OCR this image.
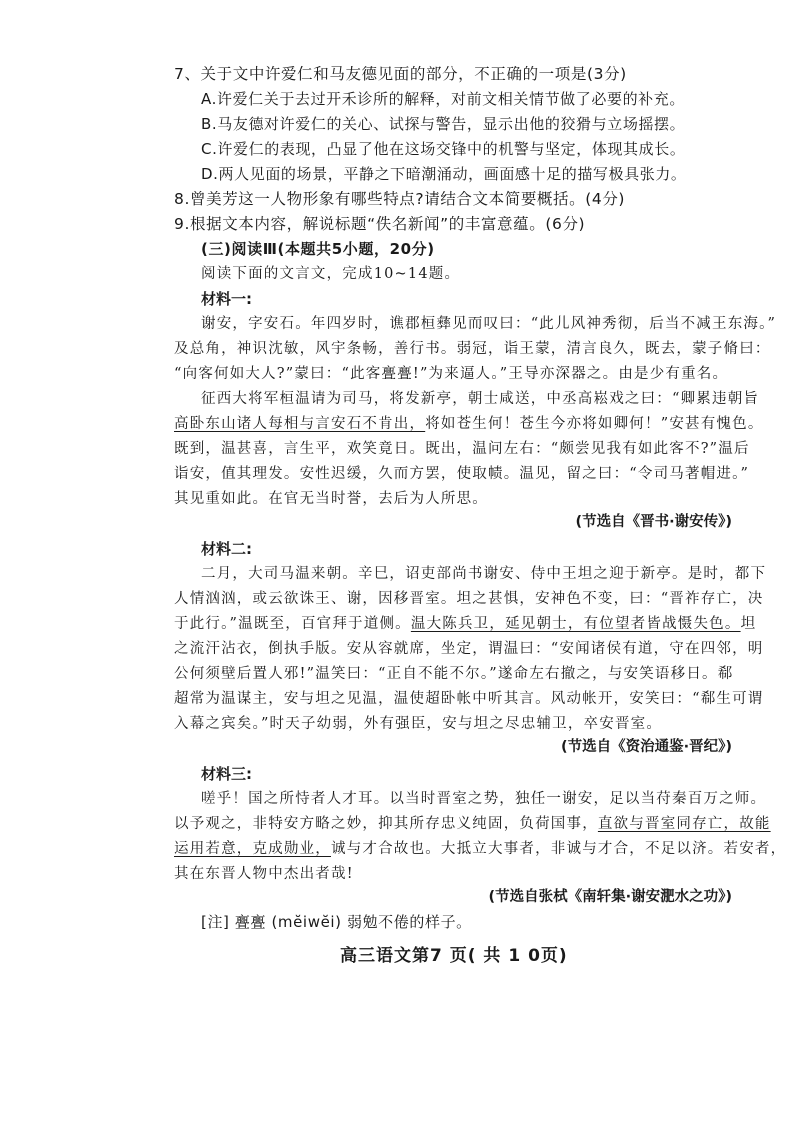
7、关于文中许爱仁和马友德见面的部分，不正确的一项是(3分)
A.许爱仁关于去过开禾诊所的解释，对前文相关情节做了必要的补充。
B.马友德对许爱仁的关心、试探与警告，显示出他的狡猾与立场摇摆。
C.许爱仁的表现，凸显了他在这场交锋中的机警与坚定，体现其成长。
D.两人见面的场景，平静之下暗潮涌动，画面感十足的描写极具张力。
8.曾美芳这一人物形象有哪些特点?请结合文本简要概括。(4分)
9.根据文本内容，解说标题“佚名新闻”的丰富意蕴。(6分)
(三)阅读Ⅲ(本题共5小题，20分)
阅读下面的文言文，完成10~14题。
材料一:
谢安，字安石。年四岁时，谯郡桓彝见而叹曰：“此儿风神秀彻，后当不减王东海。”
及总角，神识沈敏，风宇条畅，善行书。弱冠，诣王蒙，清言良久，既去，蒙子脩曰：
“向客何如大人?”蒙曰：“此客亹亹!”为来逼人。”王导亦深器之。由是少有重名。
征西大将军桓温请为司马，将发新亭，朝士咸送，中丞高崧戏之曰：“卿累违朝旨
高卧东山诸人每相与言安石不肯出，将如苍生何！苍生今亦将如卿何！”安甚有愧色。
既到，温甚喜，言生平，欢笑竟日。既出，温问左右：“颇尝见我有如此客不?”温后
诣安，值其理发。安性迟缓，久而方罢，使取帻。温见，留之曰：“令司马著帽进。”
其见重如此。在官无当时誉，去后为人所思。
(节选自《晋书·谢安传》)
材料二:
二月，大司马温来朝。辛巳，诏吏部尚书谢安、侍中王坦之迎于新亭。是时，都下
人情汹汹，或云欲诛王、谢，因移晋室。坦之甚惧，安神色不变，曰：“晋祚存亡，决
于此行。”温既至，百官拜于道侧。温大陈兵卫，延见朝士，有位望者皆战慑失色。坦
之流汗沾衣，倒执手版。安从容就席，坐定，谓温曰：“安闻诸侯有道，守在四邻，明
公何须壁后置人邪!”温笑曰：“正自不能不尔。”遂命左右撤之，与安笑语移日。郗
超常为温谋主，安与坦之见温，温使超卧帐中听其言。风动帐开，安笑曰：“郗生可谓
入幕之宾矣。”时天子幼弱，外有强臣，安与坦之尽忠辅卫，卒安晋室。
(节选自《资治通鉴·晋纪》)
材料三:
嗟乎！国之所恃者人才耳。以当时晋室之势，独任一谢安，足以当苻秦百万之师。
以予观之，非特安方略之妙，抑其所存忠义纯固，负荷国事，直欲与晋室同存亡，故能
运用若意，克成勋业，诚与才合故也。大抵立大事者，非诚与才合，不足以济。若安者，
其在东晋人物中杰出者哉!
(节选自张栻《南轩集·谢安淝水之功》)
[注] 亹亹 (mĕiwĕi) 弱勉不倦的样子。
高三语文第7 页( 共 1 0页)
